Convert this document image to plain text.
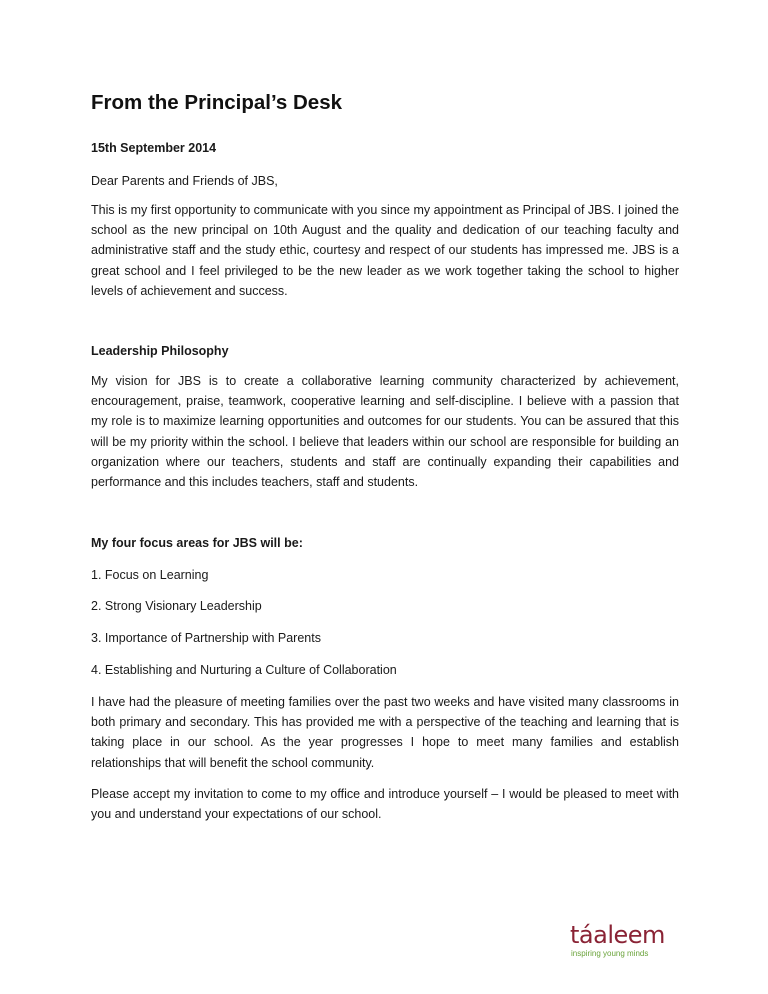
From the Principal’s Desk
15th September 2014
Dear Parents and Friends of JBS,

This is my first opportunity to communicate with you since my appointment as Principal of JBS. I joined the school as the new principal on 10th August and the quality and dedication of our teaching faculty and administrative staff and the study ethic, courtesy and respect of our students has impressed me. JBS is a great school and I feel privileged to be the new leader as we work together taking the school to higher levels of achievement and success.

Leadership Philosophy

My vision for JBS is to create a collaborative learning community characterized by achievement, encouragement, praise, teamwork, cooperative learning and self-discipline. I believe with a passion that my role is to maximize learning opportunities and outcomes for our students. You can be assured that this will be my priority within the school. I believe that leaders within our school are responsible for building an organization where our teachers, students and staff are continually expanding their capabilities and performance and this includes teachers, staff and students.

My four focus areas for JBS will be:
1. Focus on Learning
2. Strong Visionary Leadership
3. Importance of Partnership with Parents
4. Establishing and Nurturing a Culture of Collaboration

I have had the pleasure of meeting families over the past two weeks and have visited many classrooms in both primary and secondary. This has provided me with a perspective of the teaching and learning that is taking place in our school. As the year progresses I hope to meet many families and establish relationships that will benefit the school community.

Please accept my invitation to come to my office and introduce yourself – I would be pleased to meet with you and understand your expectations of our school.

táaleem
inspiring young minds
